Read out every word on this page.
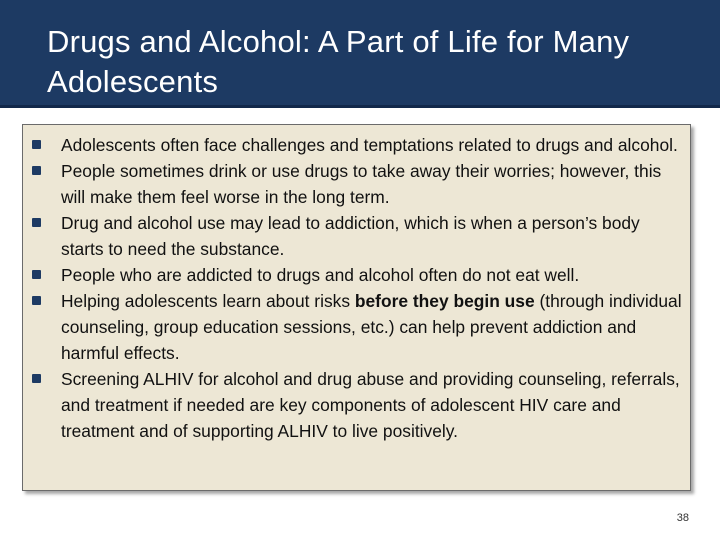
Drugs and Alcohol: A Part of Life for Many Adolescents
Adolescents often face challenges and temptations related to drugs and alcohol.
People sometimes drink or use drugs to take away their worries; however, this will make them feel worse in the long term.
Drug and alcohol use may lead to addiction, which is when a person’s body starts to need the substance.
People who are addicted to drugs and alcohol often do not eat well.
Helping adolescents learn about risks before they begin use (through individual counseling, group education sessions, etc.) can help prevent addiction and harmful effects.
Screening ALHIV for alcohol and drug abuse and providing counseling, referrals, and treatment if needed are key components of adolescent HIV care and treatment and of supporting ALHIV to live positively.
38
